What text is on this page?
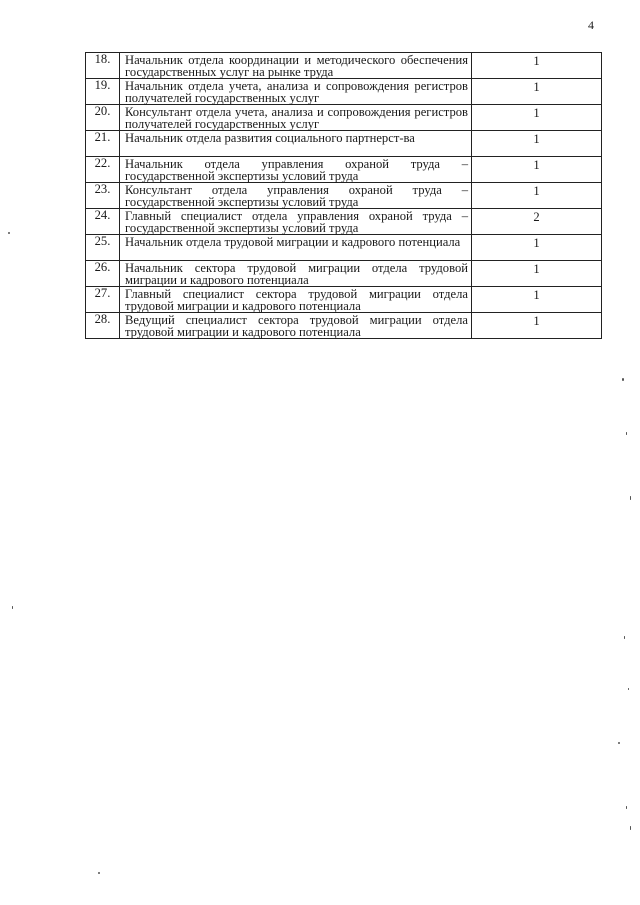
4
18.	Начальник отдела координации и методического обеспечения государственных услуг на рынке труда	1
19.	Начальник отдела учета, анализа и сопровождения регистров получателей государственных услуг	1
20.	Консультант отдела учета, анализа и сопровождения регистров получателей государственных услуг	1
21.	Начальник отдела развития социального партнерст-ва	1
22.	Начальник отдела управления охраной труда – государственной экспертизы условий труда	1
23.	Консультант отдела управления охраной труда – государственной экспертизы условий труда	1
24.	Главный специалист отдела управления охраной труда – государственной экспертизы условий труда	2
25.	Начальник отдела трудовой миграции и кадрового потенциала	1
26.	Начальник сектора трудовой миграции отдела трудовой миграции и кадрового потенциала	1
27.	Главный специалист сектора трудовой миграции отдела трудовой миграции и кадрового потенциала	1
28.	Ведущий специалист сектора трудовой миграции отдела трудовой миграции и кадрового потенциала	1
